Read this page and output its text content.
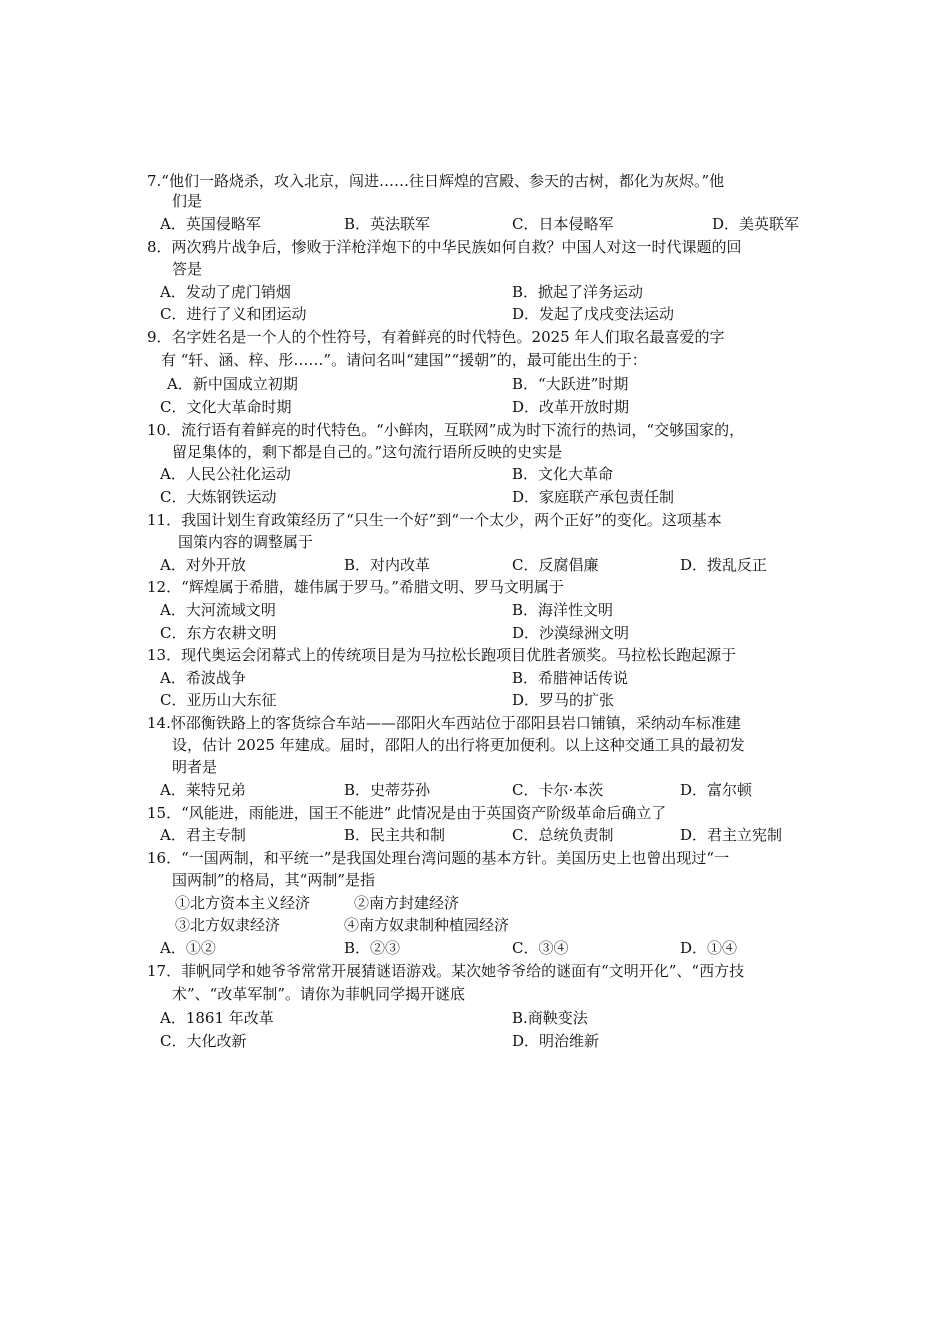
7.“他们一路烧杀，攻入北京，闯进……往日辉煌的宫殿、参天的古树，都化为灰烬。”他
们是
A．英国侵略军	B．英法联军	C．日本侵略军	D．美英联军
8．两次鸦片战争后，惨败于洋枪洋炮下的中华民族如何自救？中国人对这一时代课题的回
答是
A．发动了虎门销烟	B．掀起了洋务运动
C．进行了义和团运动	D．发起了戊戌变法运动
9．名字姓名是一个人的个性符号，有着鲜亮的时代特色。2025 年人们取名最喜爱的字
有 “轩、涵、梓、彤……”。请问名叫“建国”“援朝”的，最可能出生的于：
A．新中国成立初期	B．“大跃进”时期
C．文化大革命时期	D．改革开放时期
10．流行语有着鲜亮的时代特色。“小鲜肉，互联网”成为时下流行的热词，“交够国家的，
留足集体的，剩下都是自己的。”这句流行语所反映的史实是
A．人民公社化运动	B．文化大革命
C．大炼钢铁运动	D．家庭联产承包责任制
11．我国计划生育政策经历了“只生一个好”到“一个太少，两个正好”的变化。这项基本
国策内容的调整属于
A．对外开放	B．对内改革	C．反腐倡廉	D．拨乱反正
12．“辉煌属于希腊，雄伟属于罗马。”希腊文明、罗马文明属于
A．大河流域文明	B．海洋性文明
C．东方农耕文明	D．沙漠绿洲文明
13．现代奥运会闭幕式上的传统项目是为马拉松长跑项目优胜者颁奖。马拉松长跑起源于
A．希波战争	B．希腊神话传说
C．亚历山大东征	D．罗马的扩张
14.怀邵衡铁路上的客货综合车站——邵阳火车西站位于邵阳县岩口铺镇，采纳动车标准建
设，估计 2025 年建成。届时，邵阳人的出行将更加便利。以上这种交通工具的最初发
明者是
A．莱特兄弟	B．史蒂芬孙	C．卡尔·本茨	D．富尔顿
15．“风能进，雨能进，国王不能进” 此情况是由于英国资产阶级革命后确立了
A．君主专制	B．民主共和制	C．总统负责制	D．君主立宪制
16．“一国两制，和平统一”是我国处理台湾问题的基本方针。美国历史上也曾出现过“一
国两制”的格局，其“两制”是指
①北方资本主义经济	②南方封建经济
③北方奴隶经济	④南方奴隶制种植园经济
A．①②	B．②③	C．③④	D．①④
17．菲帆同学和她爷爷常常开展猜谜语游戏。某次她爷爷给的谜面有“文明开化”、“西方技
术”、“改革军制”。请你为菲帆同学揭开谜底
A．1861 年改革	B.商鞅变法
C．大化改新	D．明治维新
